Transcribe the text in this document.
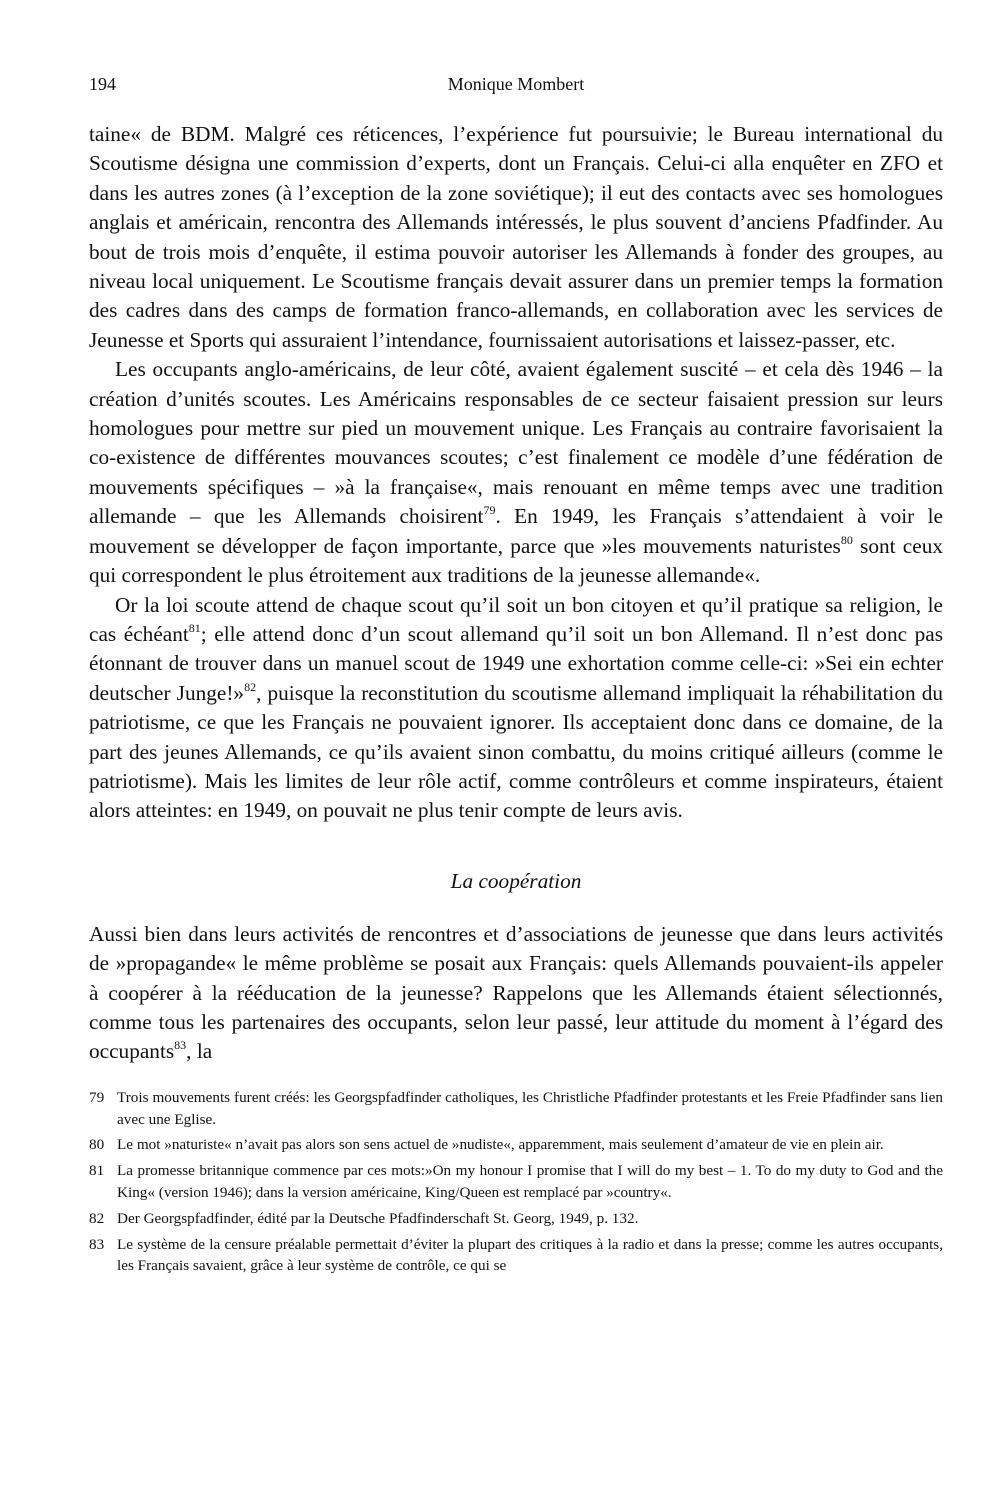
194	Monique Mombert

taine« de BDM. Malgré ces réticences, l’expérience fut poursuivie; le Bureau international du Scoutisme désigna une commission d’experts, dont un Français. Celui-ci alla enquêter en ZFO et dans les autres zones (à l’exception de la zone soviétique); il eut des contacts avec ses homologues anglais et américain, rencontra des Allemands intéressés, le plus souvent d’anciens Pfadfinder. Au bout de trois mois d’enquête, il estima pouvoir autoriser les Allemands à fonder des groupes, au niveau local uniquement. Le Scoutisme français devait assurer dans un premier temps la formation des cadres dans des camps de formation franco-allemands, en collaboration avec les services de Jeunesse et Sports qui assuraient l’intendance, fournissaient autorisations et laissez-passer, etc.

Les occupants anglo-américains, de leur côté, avaient également suscité – et cela dès 1946 – la création d’unités scoutes. Les Américains responsables de ce secteur faisaient pression sur leurs homologues pour mettre sur pied un mouvement unique. Les Français au contraire favorisaient la co-existence de différentes mouvances scoutes; c’est finalement ce modèle d’une fédération de mouvements spécifiques – »à la française«, mais renouant en même temps avec une tradition allemande – que les Allemands choisirent$^{79}$. En 1949, les Français s’attendaient à voir le mouvement se développer de façon importante, parce que »les mouvements naturistes$^{80}$ sont ceux qui correspondent le plus étroitement aux traditions de la jeunesse allemande«.

Or la loi scoute attend de chaque scout qu’il soit un bon citoyen et qu’il pratique sa religion, le cas échéant$^{81}$; elle attend donc d’un scout allemand qu’il soit un bon Allemand. Il n’est donc pas étonnant de trouver dans un manuel scout de 1949 une exhortation comme celle-ci: »Sei ein echter deutscher Junge!»$^{82}$, puisque la reconstitution du scoutisme allemand impliquait la réhabilitation du patriotisme, ce que les Français ne pouvaient ignorer. Ils acceptaient donc dans ce domaine, de la part des jeunes Allemands, ce qu’ils avaient sinon combattu, du moins critiqué ailleurs (comme le patriotisme). Mais les limites de leur rôle actif, comme contrôleurs et comme inspirateurs, étaient alors atteintes: en 1949, on pouvait ne plus tenir compte de leurs avis.

La coopération

Aussi bien dans leurs activités de rencontres et d’associations de jeunesse que dans leurs activités de »propagande« le même problème se posait aux Français: quels Allemands pouvaient-ils appeler à coopérer à la rééducation de la jeunesse? Rappelons que les Allemands étaient sélectionnés, comme tous les partenaires des occupants, selon leur passé, leur attitude du moment à l’égard des occupants$^{83}$, la

79 Trois mouvements furent créés: les Georgspfadfinder catholiques, les Christliche Pfadfinder protestants et les Freie Pfadfinder sans lien avec une Eglise.
80 Le mot »naturiste« n’avait pas alors son sens actuel de »nudiste«, apparemment, mais seulement d’amateur de vie en plein air.
81 La promesse britannique commence par ces mots:»On my honour I promise that I will do my best – 1. To do my duty to God and the King« (version 1946); dans la version américaine, King/Queen est remplacé par »country«.
82 Der Georgspfadfinder, édité par la Deutsche Pfadfinderschaft St. Georg, 1949, p. 132.
83 Le système de la censure préalable permettait d’éviter la plupart des critiques à la radio et dans la presse; comme les autres occupants, les Français savaient, grâce à leur système de contrôle, ce qui se
